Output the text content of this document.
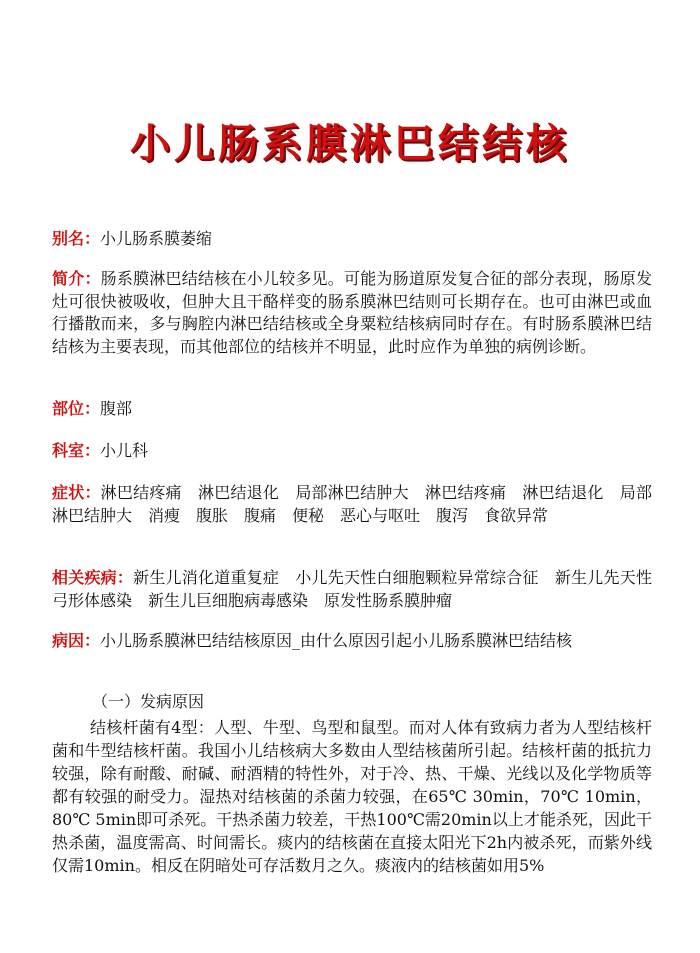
小儿肠系膜淋巴结结核
别名：小儿肠系膜萎缩
简介：肠系膜淋巴结结核在小儿较多见。可能为肠道原发复合征的部分表现，肠原发灶可很快被吸收，但肿大且干酪样变的肠系膜淋巴结则可长期存在。也可由淋巴或血行播散而来，多与胸腔内淋巴结结核或全身粟粒结核病同时存在。有时肠系膜淋巴结结核为主要表现，而其他部位的结核并不明显，此时应作为单独的病例诊断。
部位：腹部
科室：小儿科
症状：淋巴结疼痛　淋巴结退化　局部淋巴结肿大　淋巴结疼痛　淋巴结退化　局部淋巴结肿大　消瘦　腹胀　腹痛　便秘　恶心与呕吐　腹泻　食欲异常
相关疾病：新生儿消化道重复症　小儿先天性白细胞颗粒异常综合征　新生儿先天性弓形体感染　新生儿巨细胞病毒感染　原发性肠系膜肿瘤
病因：小儿肠系膜淋巴结结核原因_由什么原因引起小儿肠系膜淋巴结结核
（一）发病原因
结核杆菌有4型：人型、牛型、鸟型和鼠型。而对人体有致病力者为人型结核杆菌和牛型结核杆菌。我国小儿结核病大多数由人型结核菌所引起。结核杆菌的抵抗力较强，除有耐酸、耐碱、耐酒精的特性外，对于冷、热、干燥、光线以及化学物质等都有较强的耐受力。湿热对结核菌的杀菌力较强，在65℃ 30min，70℃ 10min，80℃ 5min即可杀死。干热杀菌力较差，干热100℃需20min以上才能杀死，因此干热杀菌，温度需高、时间需长。痰内的结核菌在直接太阳光下2h内被杀死，而紫外线仅需10min。相反在阴暗处可存活数月之久。痰液内的结核菌如用5%
